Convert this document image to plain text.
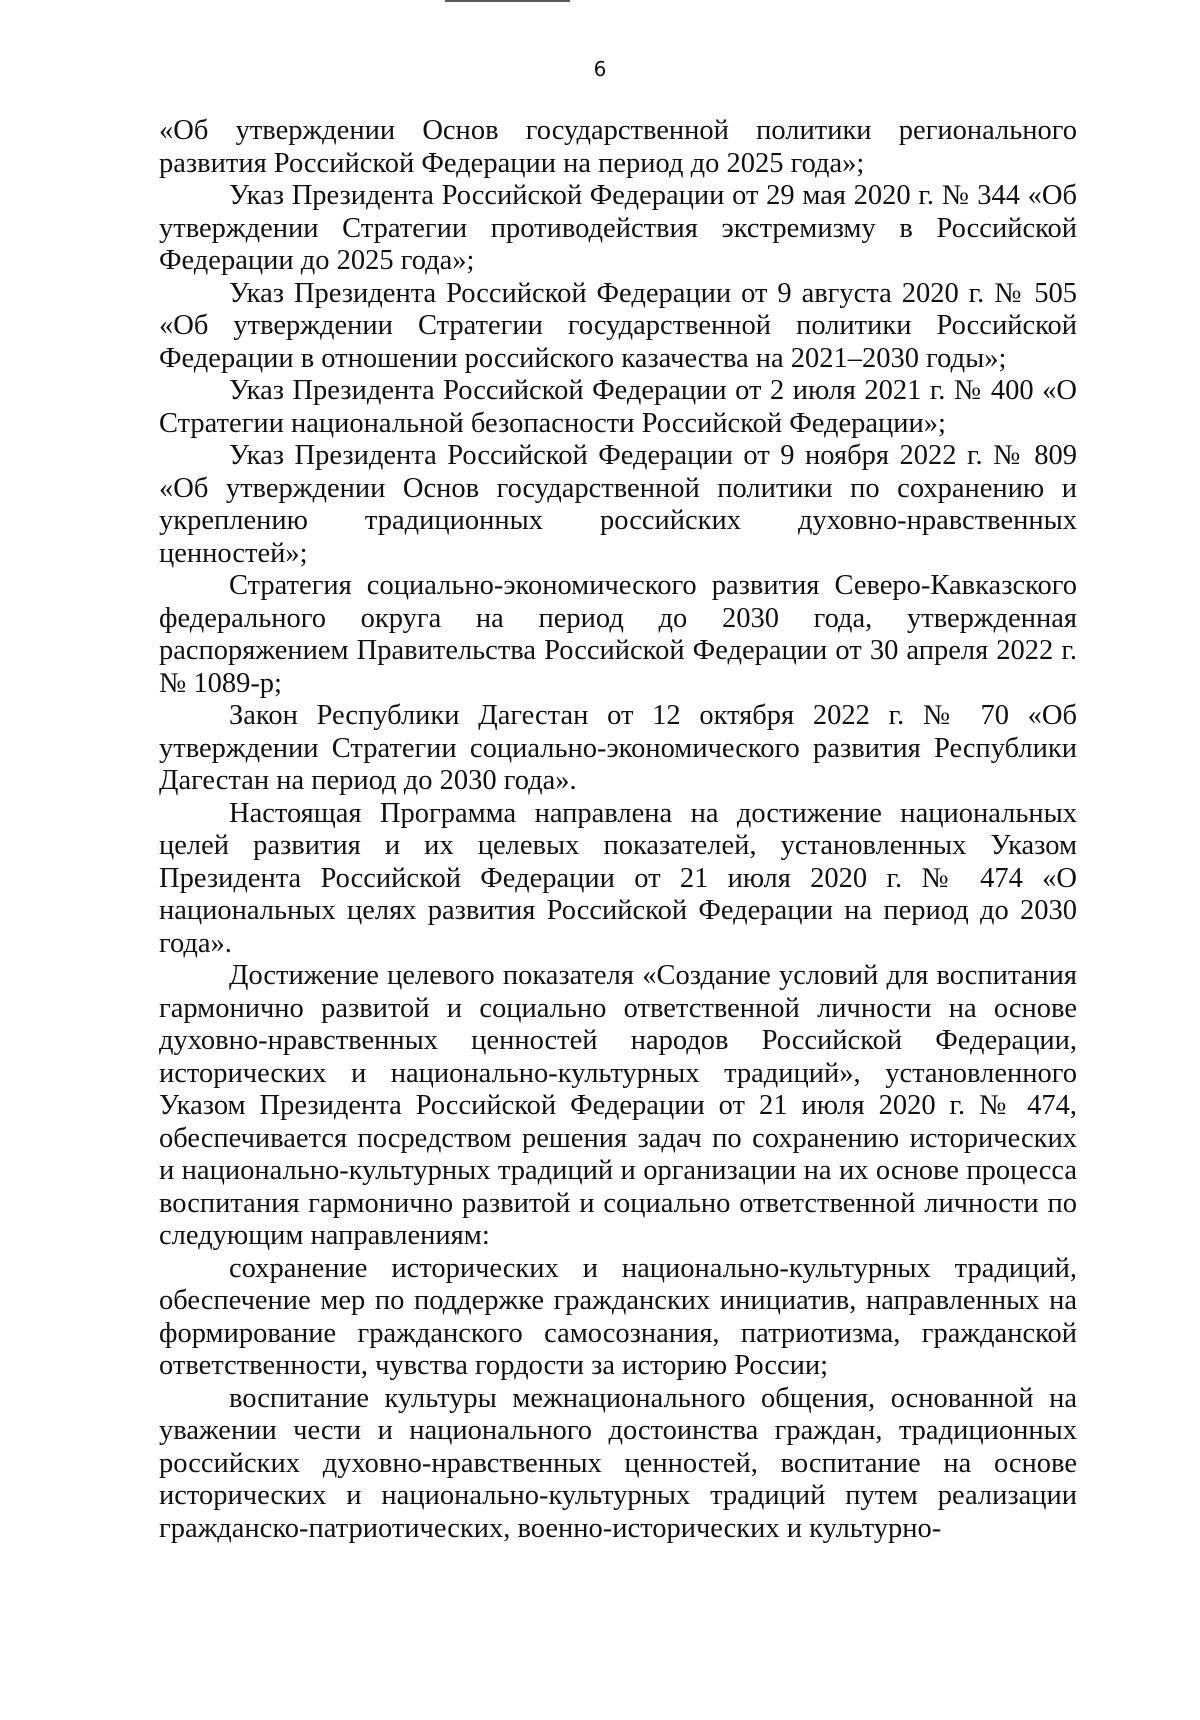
6

«Об утверждении Основ государственной политики регионального развития Российской Федерации на период до 2025 года»;

Указ Президента Российской Федерации от 29 мая 2020 г. № 344 «Об утверждении Стратегии противодействия экстремизму в Российской Федерации до 2025 года»;

Указ Президента Российской Федерации от 9 августа 2020 г. № 505 «Об утверждении Стратегии государственной политики Российской Федерации в отношении российского казачества на 2021–2030 годы»;

Указ Президента Российской Федерации от 2 июля 2021 г. № 400 «О Стратегии национальной безопасности Российской Федерации»;

Указ Президента Российской Федерации от 9 ноября 2022 г. № 809 «Об утверждении Основ государственной политики по сохранению и укреплению традиционных российских духовно-нравственных ценностей»;

Стратегия социально-экономического развития Северо-Кавказского федерального округа на период до 2030 года, утвержденная распоряжением Правительства Российской Федерации от 30 апреля 2022 г. № 1089-р;

Закон Республики Дагестан от 12 октября 2022 г. № 70 «Об утверждении Стратегии социально-экономического развития Республики Дагестан на период до 2030 года».

Настоящая Программа направлена на достижение национальных целей развития и их целевых показателей, установленных Указом Президента Российской Федерации от 21 июля 2020 г. № 474 «О национальных целях развития Российской Федерации на период до 2030 года».

Достижение целевого показателя «Создание условий для воспитания гармонично развитой и социально ответственной личности на основе духовно-нравственных ценностей народов Российской Федерации, исторических и национально-культурных традиций», установленного Указом Президента Российской Федерации от 21 июля 2020 г. № 474, обеспечивается посредством решения задач по сохранению исторических и национально-культурных традиций и организации на их основе процесса воспитания гармонично развитой и социально ответственной личности по следующим направлениям:

сохранение исторических и национально-культурных традиций, обеспечение мер по поддержке гражданских инициатив, направленных на формирование гражданского самосознания, патриотизма, гражданской ответственности, чувства гордости за историю России;

воспитание культуры межнационального общения, основанной на уважении чести и национального достоинства граждан, традиционных российских духовно-нравственных ценностей, воспитание на основе исторических и национально-культурных традиций путем реализации гражданско-патриотических, военно-исторических и культурно-
